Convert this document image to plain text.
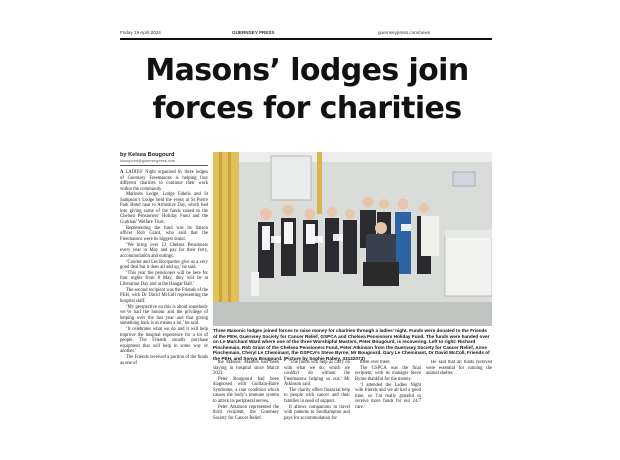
Friday 19 April 2024	GUERNSEY PRESS	guernseypress.com/news
Masons’ lodges join
forces for charities
by Kelsea Bougourd
kbougourd@guernseypress.com

A LADIES’ Night organised by three lodges of Guernsey Freemasons is helping four different charities to continue their work within the community.

Mariners Lodge, Lodge Fidelis and St Sampson’s Lodge held the event at St Pierre Park Hotel near to Armistice Day, which tied into giving some of the funds raised to the Chelsea Pensioners’ Holiday Fund and the Gurkhas’ Welfare Trust.

Representing the fund was its liaison officer Rob Grant, who said that the Freemasons were its biggest donor.

‘We bring over 12 Chelsea Pensioners every year in May and pay for their ferry, accommodation and outings.

‘Condor and Les Rocquettes give us a very good deal but it does all add up,’ he said.

‘This year the pensioners will be here for four nights from 8 May, they will be at Liberation Day and at the Hangar Ball.’

The second recipient was the Friends of the PEH, with Dr David McColl representing the hospital staff.

‘My perspective on this is about somebody we’ve had the honour and the privilege of helping over the last year and that giving something back is as means a lot,’ he said.

‘It celebrates what we do and it will help improve the hospital experience for a lot of people. The Friends usually purchase equipment that will help in some way or another.’

The Friends received a portion of the funds as one of

Three Masonic lodges joined forces to raise money for charities through a ladies’ night. Funds were donated to the Friends of the PEH, Guernsey Society for Cancer Relief, GSPCA and Chelsea Pensioners Holiday Fund. The funds were handed over on Le Marchant Ward where one of the three Worshipful Masters, Peter Bougourd, is recovering. Left to right: Richard Pinchemain, Rob Grant of the Chelsea Pensioners Fund, Peter Atkinson from the Guernsey Society for Cancer Relief, Anne Pinchemain, Cheryl Le Cheminant, the GSPCA’s Steve Byrne, Mr Bougourd, Gary Le Cheminant, Dr David McColl, Friends of the PEH, and Sonya Bougourd. (Picture by Sophie Rabey, 33132073)

the Masons’ Masters had been staying in hospital since March 2023.

Peter Bougourd had been diagnosed with Guillain-Barre Syndrome, a rare condition which causes the body’s immune system to attack its peripheral nerves.

Peter Atkinson represented the third recipient, the Guernsey Society for Cancer Relief.

‘The funds will help us carry on with what we do, which we couldn’t do without the Freemasons helping us out,’ Mr Atkinson said.

The charity offers financial help to people with cancer and their families in need of support.

It allows companions to travel with patients to Southampton and pays for accommodation for

them over there.

The GSPCA was the final recipient, with its manager Steve Byrne thankful for the money.

‘I attended the Ladies Night with friends and we all had a good time, so I’m really grateful to receive more funds for our 24/7 care.’

He said that all funds received were essential for running the animal shelter.
